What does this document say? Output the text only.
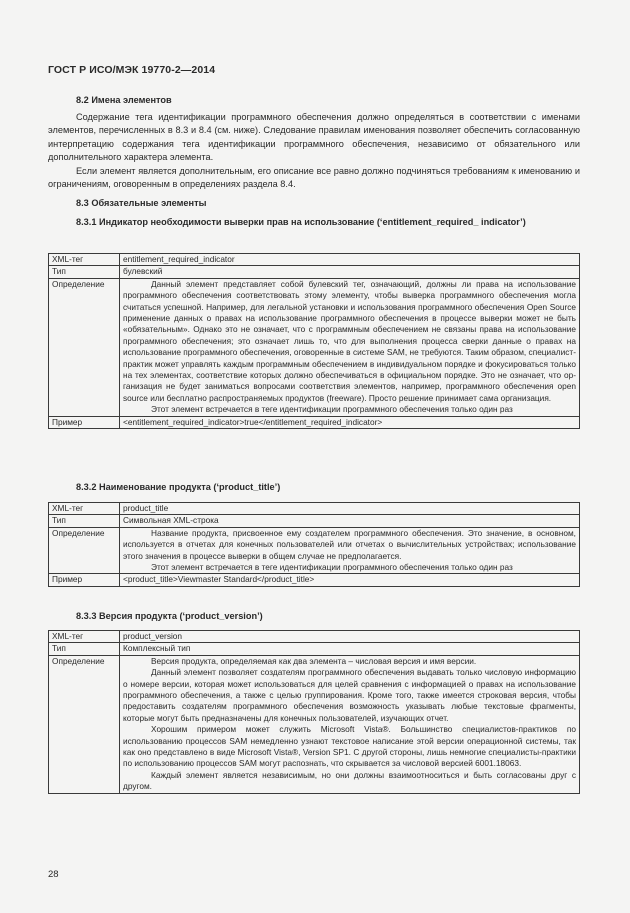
ГОСТ Р ИСО/МЭК 19770-2—2014
8.2 Имена элементов

Содержание тега идентификации программного обеспечения должно определяться в соответствии с именами элементов, перечисленных в 8.3 и 8.4 (см. ниже). Следование правилам именования позволяет обеспечить согласованную интерпретацию содержания тега идентификации программного обеспечения, независимо от обязательного или дополнительного характера элемента.

Если элемент является дополнительным, его описание все равно должно подчиняться требованиям к именованию и ограничениям, оговоренным в определениях раздела 8.4.

8.3 Обязательные элементы
8.3.1 Индикатор необходимости выверки прав на использование (‘entitlement_required_ indicator’)
XML-тег	entitlement_required_indicator
Тип	булевский
Определение	Данный элемент представляет собой булевский тег, означающий, должны ли права на использование программного обеспечения соответствовать этому элементу, чтобы выверка программного обеспечения могла считаться успешной. Например, для легальной установки и использования программного обеспечения Open Source применение данных о правах на использование программного обеспечения в процессе выверки может не быть «обязательным». Однако это не означает, что с программным обеспечением не связаны права на использование программного обеспечения; это означает лишь то, что для выполнения процесса сверки данные о правах на использование программного обеспечения, оговоренные в системе SAM, не требуются. Таким образом, специалист-практик может управлять каждым программным обеспечением в индивидуальном порядке и фокусироваться только на тех элементах, соответствие которых должно обеспечиваться в официальном порядке. Это не означает, что организация не будет заниматься вопросами соответствия элементов, например, программного обеспечения open source или бесплатно распространяемых продуктов (freeware). Просто решение принимает сама организация.

Этот элемент встречается в теге идентификации программного обеспечения только один раз

Пример	<entitlement_required_indicator>true</entitlement_required_indicator>
8.3.2 Наименование продукта (‘product_title’)
XML-тег	product_title
Тип	Символьная XML-строка
Определение	Название продукта, присвоенное ему создателем программного обеспечения. Это значение, в основном, используется в отчетах для конечных пользователей или отчетах о вычислительных устройствах; использование этого значения в процессе выверки в общем случае не предполагается.

Этот элемент встречается в теге идентификации программного обеспечения только один раз

Пример	<product_title>Viewmaster Standard</product_title>
8.3.3 Версия продукта (‘product_version’)
XML-тег	product_version
Тип	Комплексный тип
Определение	Версия продукта, определяемая как два элемента – числовая версия и имя версии.

Данный элемент позволяет создателям программного обеспечения выдавать только числовую информацию о номере версии, которая может использоваться для целей сравнения с информацией о правах на использование программного обеспечения, а также с целью группирования. Кроме того, также имеется строковая версия, чтобы предоставить создателям программного обеспечения возможность указывать любые текстовые фрагменты, которые могут быть предназначены для конечных пользователей, изучающих отчет.

Хорошим примером может служить Microsoft Vista®. Большинство специалистов-практиков по использованию процессов SAM немедленно узнают текстовое написание этой версии операционной системы, так как оно представлено в виде Microsoft Vista®, Version SP1. С другой стороны, лишь немногие специалисты-практики по использованию процессов SAM могут распознать, что скрывается за числовой версией 6001.18063.

Каждый элемент является независимым, но они должны взаимоотноситься и быть согласованы друг с другом.

28
